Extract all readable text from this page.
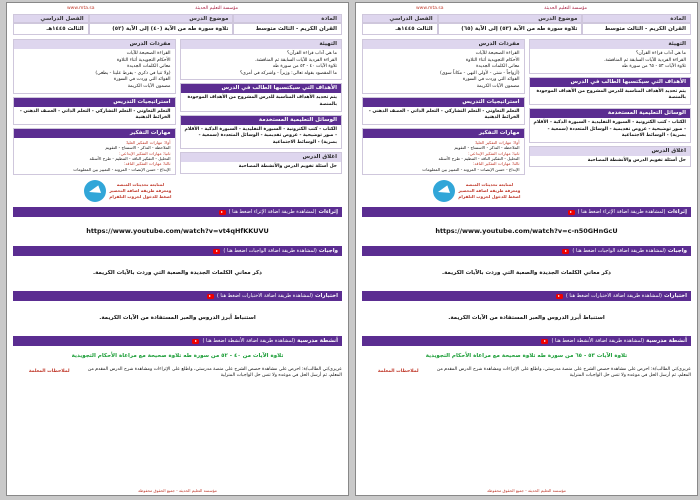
مؤسسة التعليم الحديثة
www.mta.sa
المادة
موضوع الدرس
الفصل الدراسي
القران الكريم - الثالث متوسط
تلاوة سورة طه من الآية (٥٣) إلى الآية (٦٥)
الثالث ١٤٤٥هـ
التهيئة

ما هي آداب قراءة القرآن؟

القراءة الفردية للآيات السابقة ثم المناقشة.

تلاوة الآيات ٥٣ - ٦٥ من سورة طه

الأهداف التي سيكتسبها الطالب في الدرس
يتم تحديد الأهداف المناسبة للدرس المشروح من الأهداف الموجودة بالمنصة
الوسائل التعليمية المستخدمة
الكتاب - كتب الكترونية - السبورة التقليدية - السبورة الذكية - الأقلام - صور توضيحية - عروض تقديمية - الوسائل المتعددة (سمعية - بصرية) - الوسائط الاجتماعية
اغلاق الدرس
حل أسئلة تقويم الدرس والأنشطة المصاحبة
مفردات الدرس

القراءة الصحيحة للآيات

الأحكام التجويدية أثناء التلاوة

معاني الكلمات الجديدة

(أزواجاً - شتى - لأولي النهى - مكاناً سوى)

الفوائد التي وردت في السورة

مضمون الآيات الكريمة

استراتيجيات التدريس
التعلم التعاوني - التعلم التشاركي - التعلم الذاتي - العصف الذهني - الخرائط الذهنية
مهارات التفكير

أولا: مهارات التفكير العليا:

الملاحظة - التذكر - الاستنتاج - التقويم

ثانيا: مهارات التفكير الإبداعي:

التحليل - التفكير الناقد - التنظيم - طرح الأسئلة

ثالثا: مهارات التفكير الناقد:

الإبداع - حسن الإنصات - المرونة - التمييز بين المعلومات

لمتابعة تحديثات المنصة
ومعرفة طريقة اضافة التحضير
اضغط للدخول لجروب التلقرام
إثراءات
(لمشاهدة طريقة اضافة الإثراء اضغط هنا )
https://www.youtube.com/watch?v=c-n50GHnGcU
واجبات
(لمشاهدة طريقة اضافة الواجبات اضغط هنا )
ذكر معاني الكلمات الجديدة والصعبة التي وردت بالآيات الكريمة.
اختبارات
(لمشاهدة طريقة اضافة الاختبارات اضغط هنا )
استنباط أبرز الدروس والعبر المستفادة من الآيات الكريمة.
أنشطة مدرسية
(لمشاهدة طريقة اضافة الأنشطة اضغط هنا )
تلاوة الآيات ٥٣ - ٦٥ من سورة طه تلاوة صحيحة مع مراعاة الأحكام التجويدية
عزيزي/تي الطالب/ة: احرص على مشاهدة حصص الشرح على منصة مدرستي، واطلع على الإثراءات ومشاهدة شرح الدرس المقدم من المعلم، ثم أرسل الحل في موعده ولا تنس حل الواجبات المنزلية
لملاحظات المعلمة
مؤسسة التعليم الحديثة - جميع الحقوق محفوظة
مؤسسة التعليم الحديثة
www.mta.sa
المادة
موضوع الدرس
الفصل الدراسي
القران الكريم - الثالث متوسط
تلاوة سورة طه من الآية (٤٠) إلى الآية (٥٢)
الثالث ١٤٤٥هـ
التهيئة

ما هي آداب قراءة القرآن؟

القراءة الفردية للآيات السابقة ثم المناقشة.

تلاوة الآيات ٤٠ - ٥٢ من سورة طه

ما المقصود بقوله تعالى: وزيراً - واشركه في أمري؟

الأهداف التي سيكتسبها الطالب في الدرس
يتم تحديد الأهداف المناسبة للدرس المشروح من الأهداف الموجودة بالمنصة
الوسائل التعليمية المستخدمة
الكتاب - كتب الكترونية - السبورة التقليدية - السبورة الذكية - الأقلام - صور توضيحية - عروض تقديمية - الوسائل المتعددة (سمعية - بصرية) - الوسائط الاجتماعية
اغلاق الدرس
حل أسئلة تقويم الدرس والأنشطة المصاحبة
مفردات الدرس

القراءة الصحيحة للآيات

الأحكام التجويدية أثناء التلاوة

معاني الكلمات الجديدة

(ولا تنيا في ذكري - يفرط علينا - يطغى)

الفوائد التي وردت في السورة

مضمون الآيات الكريمة

استراتيجيات التدريس
التعلم التعاوني - التعلم التشاركي - التعلم الذاتي - العصف الذهني - الخرائط الذهنية
مهارات التفكير

أولا: مهارات التفكير العليا:

الملاحظة - التذكر - الاستنتاج - التقويم

ثانيا: مهارات التفكير الإبداعي:

التحليل - التفكير الناقد - التنظيم - طرح الأسئلة

ثالثا: مهارات التفكير الناقد:

الإبداع - حسن الإنصات - المرونة - التمييز بين المعلومات

لمتابعة تحديثات المنصة
ومعرفة طريقة اضافة التحضير
اضغط للدخول لجروب التلقرام
إثراءات
(لمشاهدة طريقة اضافة الإثراء اضغط هنا )
https://www.youtube.com/watch?v=vt4qHfKKUVU
واجبات
(لمشاهدة طريقة اضافة الواجبات اضغط هنا )
ذكر معاني الكلمات الجديدة والصعبة التي وردت بالآيات الكريمة.
اختبارات
(لمشاهدة طريقة اضافة الاختبارات اضغط هنا )
استنباط أبرز الدروس والعبر المستفادة من الآيات الكريمة.
أنشطة مدرسية
(لمشاهدة طريقة اضافة الأنشطة اضغط هنا )
تلاوة الآيات من ٤٠ - ٥٢ من سورة طه تلاوة صحيحة مع مراعاة الأحكام التجويدية
عزيزي/تي الطالب/ة: احرص على مشاهدة حصص الشرح على منصة مدرستي، واطلع على الإثراءات ومشاهدة شرح الدرس المقدم من المعلم، ثم أرسل الحل في موعده ولا تنس حل الواجبات المنزلية
لملاحظات المعلمة
مؤسسة التعليم الحديثة - جميع الحقوق محفوظة
